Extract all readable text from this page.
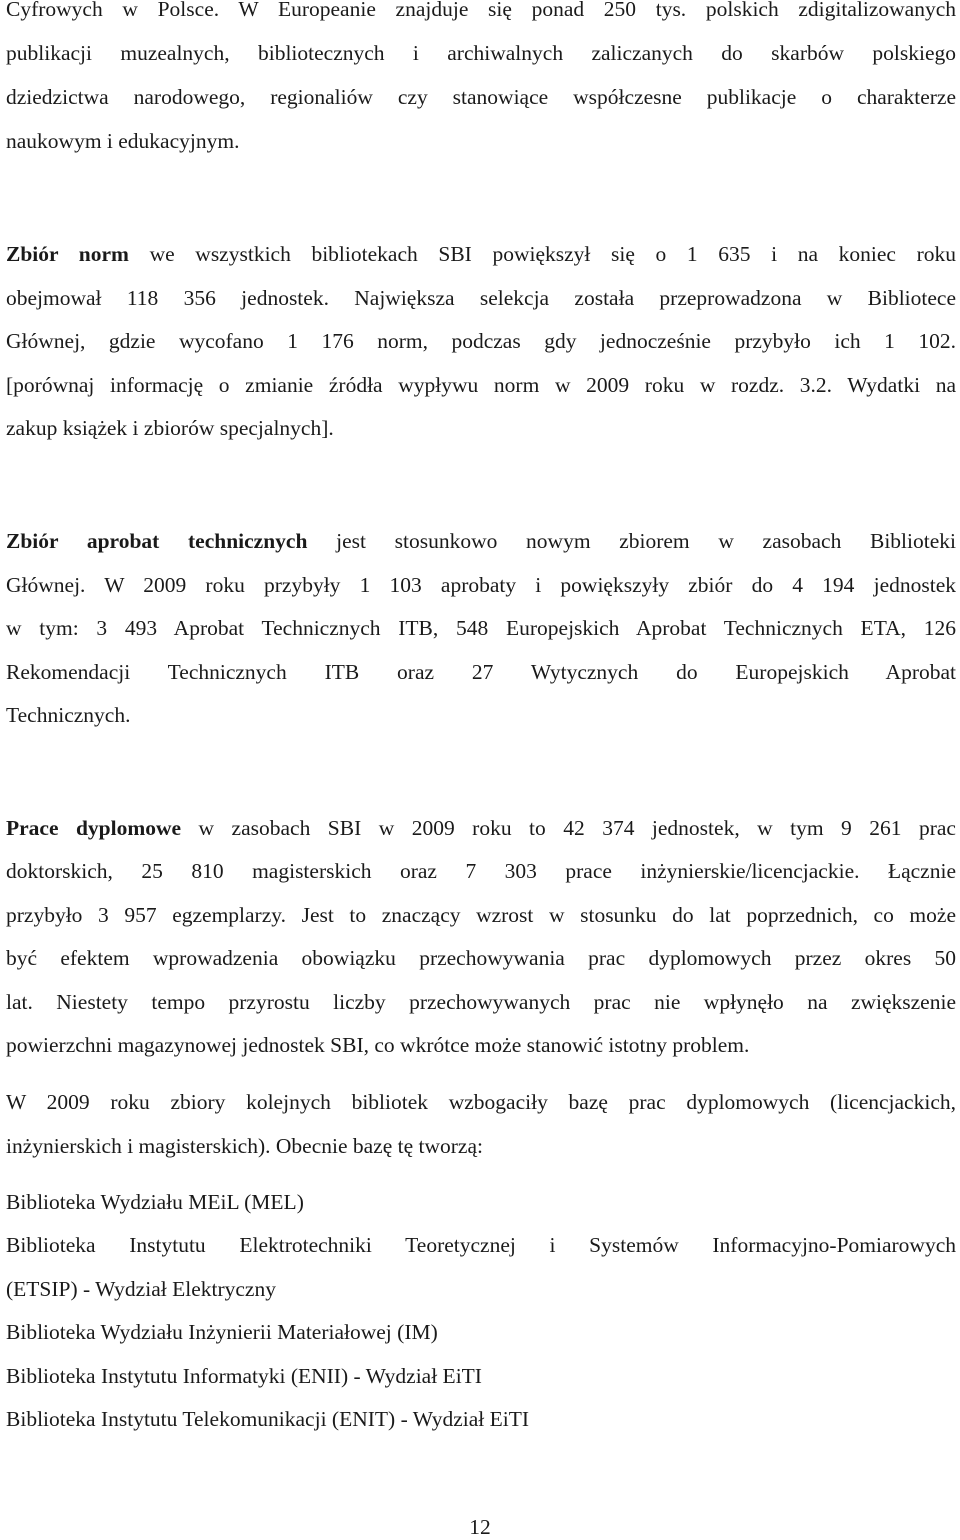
Cyfrowych w Polsce. W Europeanie znajduje się ponad 250 tys. polskich zdigitalizowanych
publikacji muzealnych, bibliotecznych i archiwalnych zaliczanych do skarbów polskiego
dziedzictwa narodowego, regionaliów czy stanowiące współczesne publikacje o charakterze
naukowym i edukacyjnym.
Zbiór norm we wszystkich bibliotekach SBI powiększył się o 1 635 i na koniec roku
obejmował 118 356 jednostek. Największa selekcja została przeprowadzona w Bibliotece
Głównej, gdzie wycofano 1 176 norm, podczas gdy jednocześnie przybyło ich 1 102.
[porównaj informację o zmianie źródła wypływu norm w 2009 roku w rozdz. 3.2. Wydatki na
zakup książek i zbiorów specjalnych].
Zbiór aprobat technicznych jest stosunkowo nowym zbiorem w zasobach Biblioteki
Głównej. W 2009 roku przybyły 1 103 aprobaty i powiększyły zbiór do 4 194 jednostek
w tym: 3 493 Aprobat Technicznych ITB, 548 Europejskich Aprobat Technicznych ETA, 126
Rekomendacji Technicznych ITB oraz 27 Wytycznych do Europejskich Aprobat
Technicznych.
Prace dyplomowe w zasobach SBI w 2009 roku to 42 374 jednostek, w tym 9 261 prac
doktorskich, 25 810 magisterskich oraz 7 303 prace inżynierskie/licencjackie. Łącznie
przybyło 3 957 egzemplarzy. Jest to znaczący wzrost w stosunku do lat poprzednich, co może
być efektem wprowadzenia obowiązku przechowywania prac dyplomowych przez okres 50
lat. Niestety tempo przyrostu liczby przechowywanych prac nie wpłynęło na zwiększenie
powierzchni magazynowej jednostek SBI, co wkrótce może stanowić istotny problem.
W 2009 roku zbiory kolejnych bibliotek wzbogaciły bazę prac dyplomowych (licencjackich,
inżynierskich i magisterskich). Obecnie bazę tę tworzą:
Biblioteka Wydziału MEiL (MEL)
Biblioteka Instytutu Elektrotechniki Teoretycznej i Systemów Informacyjno-Pomiarowych
(ETSIP) - Wydział Elektryczny
Biblioteka Wydziału Inżynierii Materiałowej (IM)
Biblioteka Instytutu Informatyki (ENII) - Wydział EiTI
Biblioteka Instytutu Telekomunikacji (ENIT) - Wydział EiTI
12
